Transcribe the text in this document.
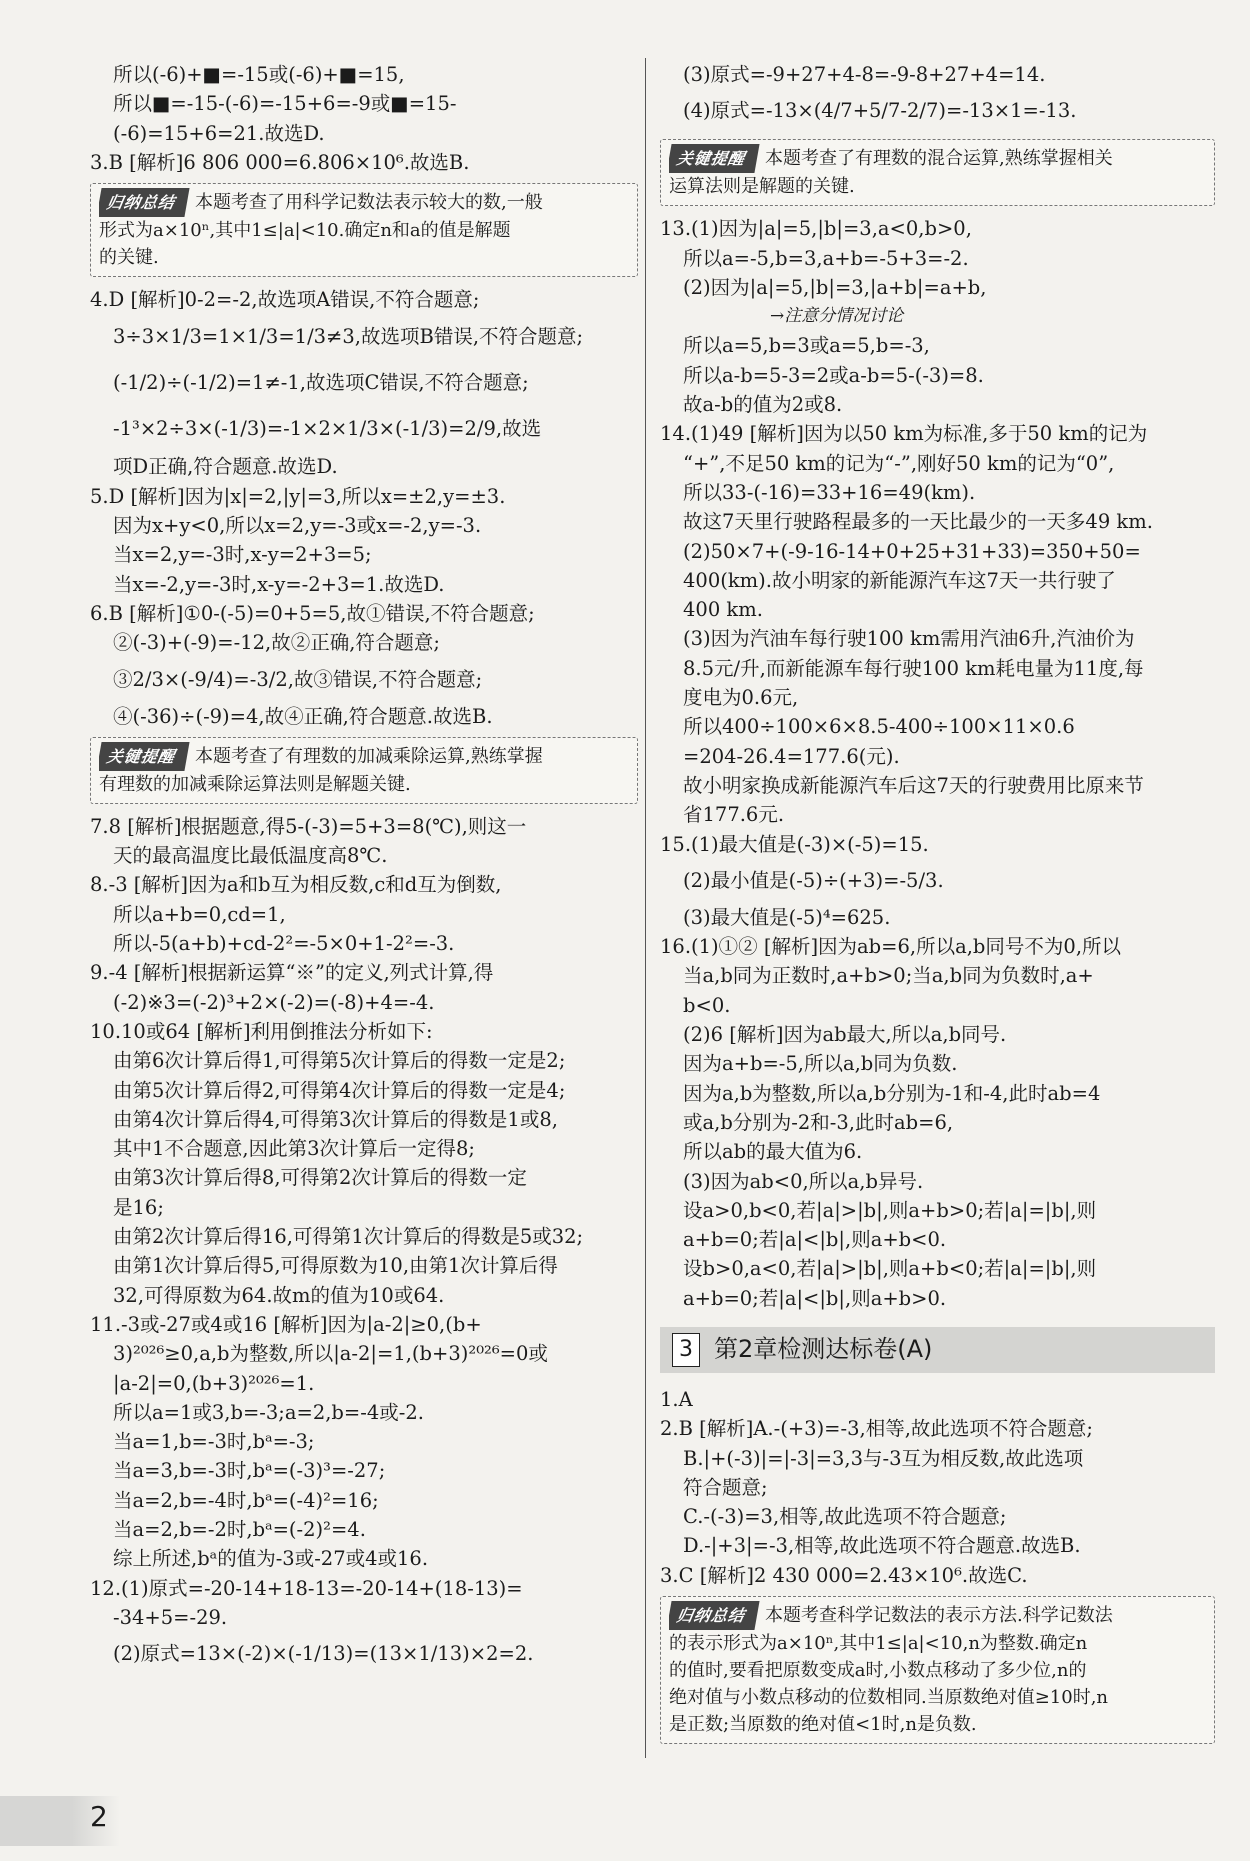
所以(-6)+■=-15或(-6)+■=15,
所以■=-15-(-6)=-15+6=-9或■=15-
(-6)=15+6=21.故选D.
3.B [解析]6 806 000=6.806×10⁶.故选B.
归纳总结 本题考查了用科学记数法表示较大的数,一般
形式为a×10ⁿ,其中1≤|a|<10.确定n和a的值是解题
的关键.
4.D [解析]0-2=-2,故选项A错误,不符合题意;
3÷3×1/3=1×1/3=1/3≠3,故选项B错误,不符合题意;
(-1/2)÷(-1/2)=1≠-1,故选项C错误,不符合题意;
-1³×2÷3×(-1/3)=-1×2×1/3×(-1/3)=2/9,故选
项D正确,符合题意.故选D.
5.D [解析]因为|x|=2,|y|=3,所以x=±2,y=±3.
因为x+y<0,所以x=2,y=-3或x=-2,y=-3.
当x=2,y=-3时,x-y=2+3=5;
当x=-2,y=-3时,x-y=-2+3=1.故选D.
6.B [解析]①0-(-5)=0+5=5,故①错误,不符合题意;
②(-3)+(-9)=-12,故②正确,符合题意;
③2/3×(-9/4)=-3/2,故③错误,不符合题意;
④(-36)÷(-9)=4,故④正确,符合题意.故选B.
关键提醒 本题考查了有理数的加减乘除运算,熟练掌握
有理数的加减乘除运算法则是解题关键.
7.8 [解析]根据题意,得5-(-3)=5+3=8(℃),则这一
天的最高温度比最低温度高8℃.
8.-3 [解析]因为a和b互为相反数,c和d互为倒数,
所以a+b=0,cd=1,
所以-5(a+b)+cd-2²=-5×0+1-2²=-3.
9.-4 [解析]根据新运算“※”的定义,列式计算,得
(-2)※3=(-2)³+2×(-2)=(-8)+4=-4.
10.10或64 [解析]利用倒推法分析如下:
由第6次计算后得1,可得第5次计算后的得数一定是2;
由第5次计算后得2,可得第4次计算后的得数一定是4;
由第4次计算后得4,可得第3次计算后的得数是1或8,
其中1不合题意,因此第3次计算后一定得8;
由第3次计算后得8,可得第2次计算后的得数一定
是16;
由第2次计算后得16,可得第1次计算后的得数是5或32;
由第1次计算后得5,可得原数为10,由第1次计算后得
32,可得原数为64.故m的值为10或64.
11.-3或-27或4或16 [解析]因为|a-2|≥0,(b+
3)²⁰²⁶≥0,a,b为整数,所以|a-2|=1,(b+3)²⁰²⁶=0或
|a-2|=0,(b+3)²⁰²⁶=1.
所以a=1或3,b=-3;a=2,b=-4或-2.
当a=1,b=-3时,bᵃ=-3;
当a=3,b=-3时,bᵃ=(-3)³=-27;
当a=2,b=-4时,bᵃ=(-4)²=16;
当a=2,b=-2时,bᵃ=(-2)²=4.
综上所述,bᵃ的值为-3或-27或4或16.
12.(1)原式=-20-14+18-13=-20-14+(18-13)=
-34+5=-29.
(2)原式=13×(-2)×(-1/13)=(13×1/13)×2=2.
(3)原式=-9+27+4-8=-9-8+27+4=14.
(4)原式=-13×(4/7+5/7-2/7)=-13×1=-13.
关键提醒 本题考查了有理数的混合运算,熟练掌握相关
运算法则是解题的关键.
13.(1)因为|a|=5,|b|=3,a<0,b>0,
所以a=-5,b=3,a+b=-5+3=-2.
(2)因为|a|=5,|b|=3,|a+b|=a+b,
→注意分情况讨论
所以a=5,b=3或a=5,b=-3,
所以a-b=5-3=2或a-b=5-(-3)=8.
故a-b的值为2或8.
14.(1)49 [解析]因为以50 km为标准,多于50 km的记为
“+”,不足50 km的记为“-”,刚好50 km的记为“0”,
所以33-(-16)=33+16=49(km).
故这7天里行驶路程最多的一天比最少的一天多49 km.
(2)50×7+(-9-16-14+0+25+31+33)=350+50=
400(km).故小明家的新能源汽车这7天一共行驶了
400 km.
(3)因为汽油车每行驶100 km需用汽油6升,汽油价为
8.5元/升,而新能源车每行驶100 km耗电量为11度,每
度电为0.6元,
所以400÷100×6×8.5-400÷100×11×0.6
=204-26.4=177.6(元).
故小明家换成新能源汽车后这7天的行驶费用比原来节
省177.6元.
15.(1)最大值是(-3)×(-5)=15.
(2)最小值是(-5)÷(+3)=-5/3.
(3)最大值是(-5)⁴=625.
16.(1)①② [解析]因为ab=6,所以a,b同号不为0,所以
当a,b同为正数时,a+b>0;当a,b同为负数时,a+
b<0.
(2)6 [解析]因为ab最大,所以a,b同号.
因为a+b=-5,所以a,b同为负数.
因为a,b为整数,所以a,b分别为-1和-4,此时ab=4
或a,b分别为-2和-3,此时ab=6,
所以ab的最大值为6.
(3)因为ab<0,所以a,b异号.
设a>0,b<0,若|a|>|b|,则a+b>0;若|a|=|b|,则
a+b=0;若|a|<|b|,则a+b<0.
设b>0,a<0,若|a|>|b|,则a+b<0;若|a|=|b|,则
a+b=0;若|a|<|b|,则a+b>0.
3 第2章检测达标卷(A)
1.A
2.B [解析]A.-(+3)=-3,相等,故此选项不符合题意;
B.|+(-3)|=|-3|=3,3与-3互为相反数,故此选项
符合题意;
C.-(-3)=3,相等,故此选项不符合题意;
D.-|+3|=-3,相等,故此选项不符合题意.故选B.
3.C [解析]2 430 000=2.43×10⁶.故选C.
归纳总结 本题考查科学记数法的表示方法.科学记数法
的表示形式为a×10ⁿ,其中1≤|a|<10,n为整数.确定n
的值时,要看把原数变成a时,小数点移动了多少位,n的
绝对值与小数点移动的位数相同.当原数绝对值≥10时,n
是正数;当原数的绝对值<1时,n是负数.
2
